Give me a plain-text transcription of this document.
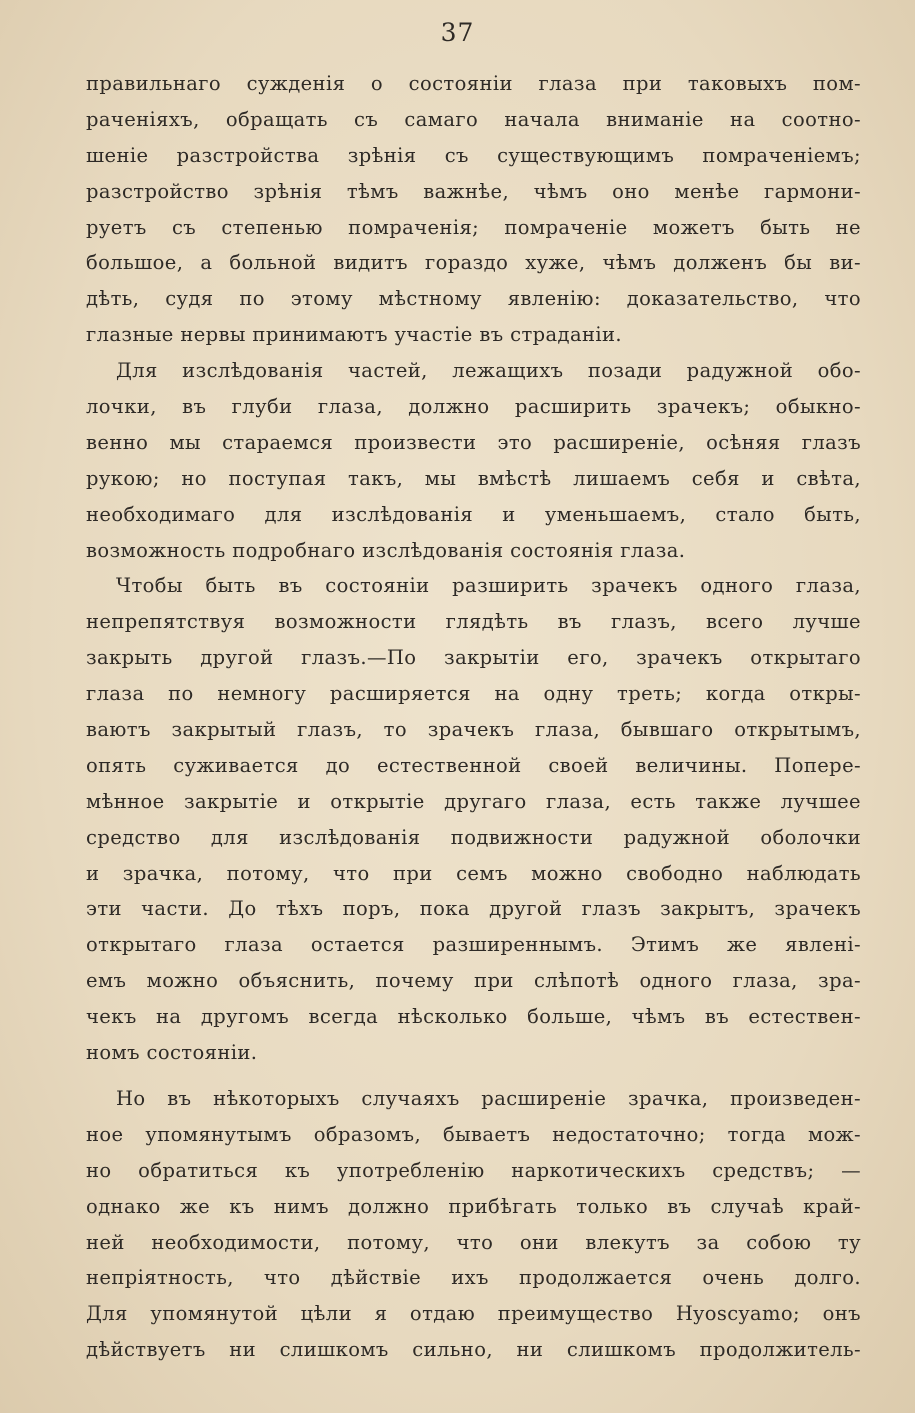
37
правильнаго сужденія о состояніи глаза при таковыхъ пом-
раченіяхъ, обращать съ самаго начала вниманіе на соотно-
шеніе разстройства зрѣнія съ существующимъ помраченіемъ;
разстройство зрѣнія тѣмъ важнѣе, чѣмъ оно менѣе гармони-
руетъ съ степенью помраченія; помраченіе можетъ быть не
большое, а больной видитъ гораздо хуже, чѣмъ долженъ бы ви-
дѣть, судя по этому мѣстному явленію: доказательство, что
глазные нервы принимаютъ участіе въ страданіи.
Для изслѣдованія частей, лежащихъ позади радужной обо-
лочки, въ глуби глаза, должно расширить зрачекъ; обыкно-
венно мы стараемся произвести это расширеніе, осѣняя глазъ
рукою; но поступая такъ, мы вмѣстѣ лишаемъ себя и свѣта,
необходимаго для изслѣдованія и уменьшаемъ, стало быть,
возможность подробнаго изслѣдованія состоянія глаза.
Чтобы быть въ состояніи разширить зрачекъ одного глаза,
непрепятствуя возможности глядѣть въ глазъ, всего лучше
закрыть другой глазъ.—По закрытіи его, зрачекъ открытаго
глаза по немногу расширяется на одну треть; когда откры-
ваютъ закрытый глазъ, то зрачекъ глаза, бывшаго открытымъ,
опять суживается до естественной своей величины. Попере-
мѣнное закрытіе и открытіе другаго глаза, есть также лучшее
средство для изслѣдованія подвижности радужной оболочки
и зрачка, потому, что при семъ можно свободно наблюдать
эти части. До тѣхъ поръ, пока другой глазъ закрытъ, зрачекъ
открытаго глаза остается разширеннымъ. Этимъ же явлені-
емъ можно объяснить, почему при слѣпотѣ одного глаза, зра-
чекъ на другомъ всегда нѣсколько больше, чѣмъ въ естествен-
номъ состояніи.
Но въ нѣкоторыхъ случаяхъ расширеніе зрачка, произведен-
ное упомянутымъ образомъ, бываетъ недостаточно; тогда мож-
но обратиться къ употребленію наркотическихъ средствъ; —
однако же къ нимъ должно прибѣгать только въ случаѣ край-
ней необходимости, потому, что они влекутъ за собою ту
непріятность, что дѣйствіе ихъ продолжается очень долго.
Для упомянутой цѣли я отдаю преимущество Hyoscyamo; онъ
дѣйствуетъ ни слишкомъ сильно, ни слишкомъ продолжитель-
